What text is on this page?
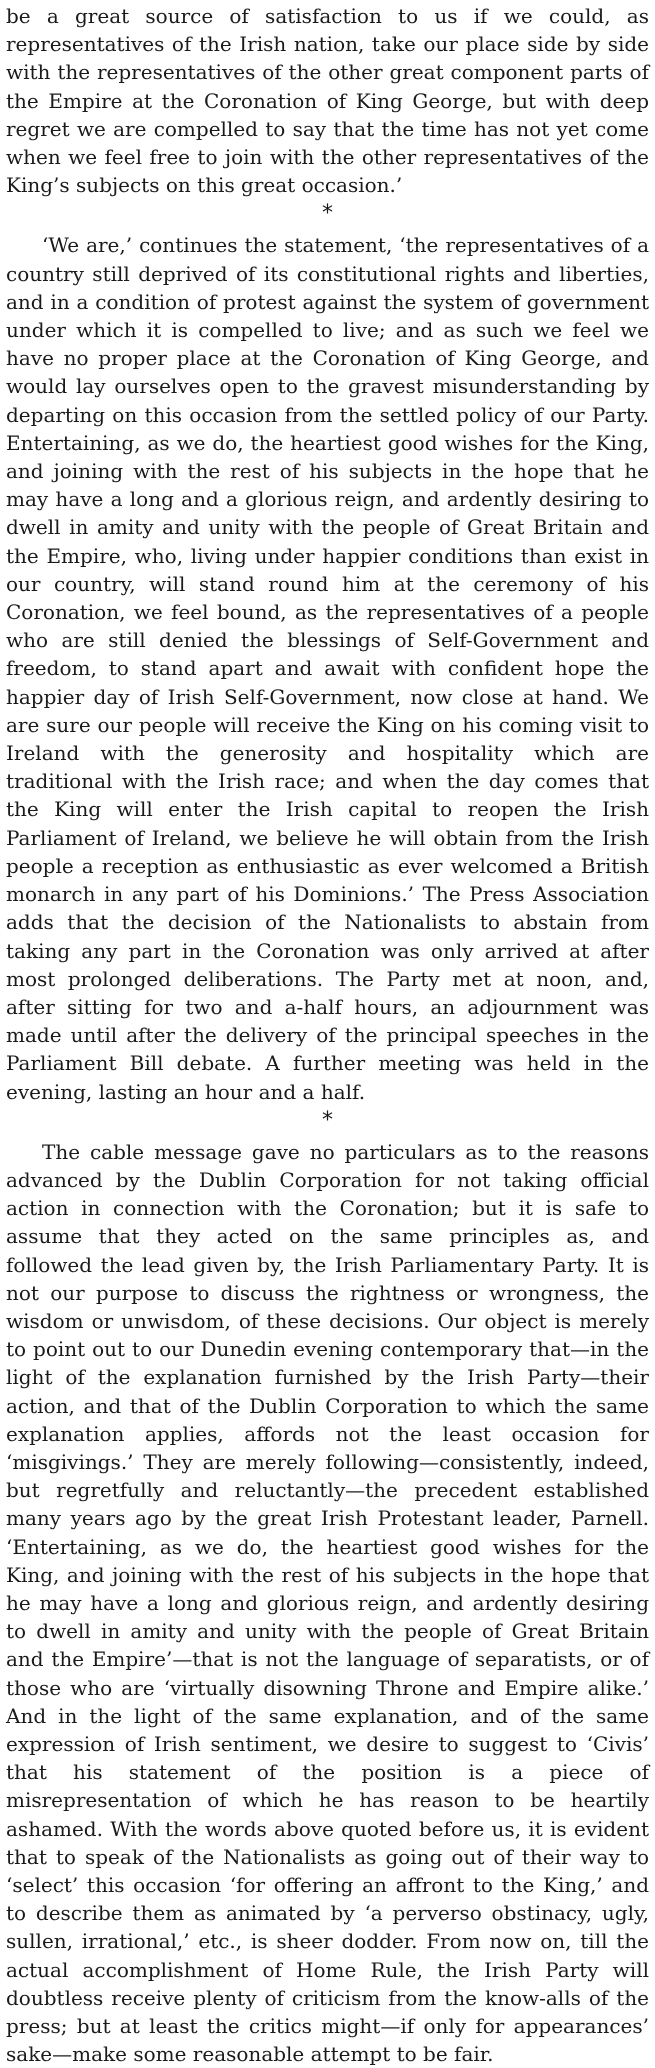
be a great source of satisfaction to us if we could, as representatives of the Irish nation, take our place side by side with the representatives of the other great component parts of the Empire at the Coronation of King George, but with deep regret we are compelled to say that the time has not yet come when we feel free to join with the other representatives of the King’s subjects on this great occasion.’

*

‘We are,’ continues the statement, ‘the representatives of a country still deprived of its constitutional rights and liberties, and in a condition of protest against the system of government under which it is compelled to live; and as such we feel we have no proper place at the Coronation of King George, and would lay ourselves open to the gravest misunderstanding by departing on this occasion from the settled policy of our Party. Entertaining, as we do, the heartiest good wishes for the King, and joining with the rest of his subjects in the hope that he may have a long and a glorious reign, and ardently desiring to dwell in amity and unity with the people of Great Britain and the Empire, who, living under happier conditions than exist in our country, will stand round him at the ceremony of his Coronation, we feel bound, as the representatives of a people who are still denied the blessings of Self-Government and freedom, to stand apart and await with confident hope the happier day of Irish Self-Government, now close at hand. We are sure our people will receive the King on his coming visit to Ireland with the generosity and hospitality which are traditional with the Irish race; and when the day comes that the King will enter the Irish capital to reopen the Irish Parliament of Ireland, we believe he will obtain from the Irish people a reception as enthusiastic as ever welcomed a British monarch in any part of his Dominions.’ The Press Association adds that the decision of the Nationalists to abstain from taking any part in the Coronation was only arrived at after most prolonged deliberations. The Party met at noon, and, after sitting for two and a-half hours, an adjournment was made until after the delivery of the principal speeches in the Parliament Bill debate. A further meeting was held in the evening, lasting an hour and a half.

*

The cable message gave no particulars as to the reasons advanced by the Dublin Corporation for not taking official action in connection with the Coronation; but it is safe to assume that they acted on the same principles as, and followed the lead given by, the Irish Parliamentary Party. It is not our purpose to discuss the rightness or wrongness, the wisdom or unwisdom, of these decisions. Our object is merely to point out to our Dunedin evening contemporary that—in the light of the explanation furnished by the Irish Party—their action, and that of the Dublin Corporation to which the same explanation applies, affords not the least occasion for ‘misgivings.’ They are merely following—consistently, indeed, but regretfully and reluctantly—the precedent established many years ago by the great Irish Protestant leader, Parnell. ‘Entertaining, as we do, the heartiest good wishes for the King, and joining with the rest of his subjects in the hope that he may have a long and glorious reign, and ardently desiring to dwell in amity and unity with the people of Great Britain and the Empire’—that is not the language of separatists, or of those who are ‘virtually disowning Throne and Empire alike.’ And in the light of the same explanation, and of the same expression of Irish sentiment, we desire to suggest to ‘Civis’ that his statement of the position is a piece of misrepresentation of which he has reason to be heartily ashamed. With the words above quoted before us, it is evident that to speak of the Nationalists as going out of their way to ‘select’ this occasion ‘for offering an affront to the King,’ and to describe them as animated by ‘a perverso obstinacy, ugly, sullen, irrational,’ etc., is sheer dodder. From now on, till the actual accomplishment of Home Rule, the Irish Party will doubtless receive plenty of criticism from the know-alls of the press; but at least the critics might—if only for appearances’ sake—make some reasonable attempt to be fair.
